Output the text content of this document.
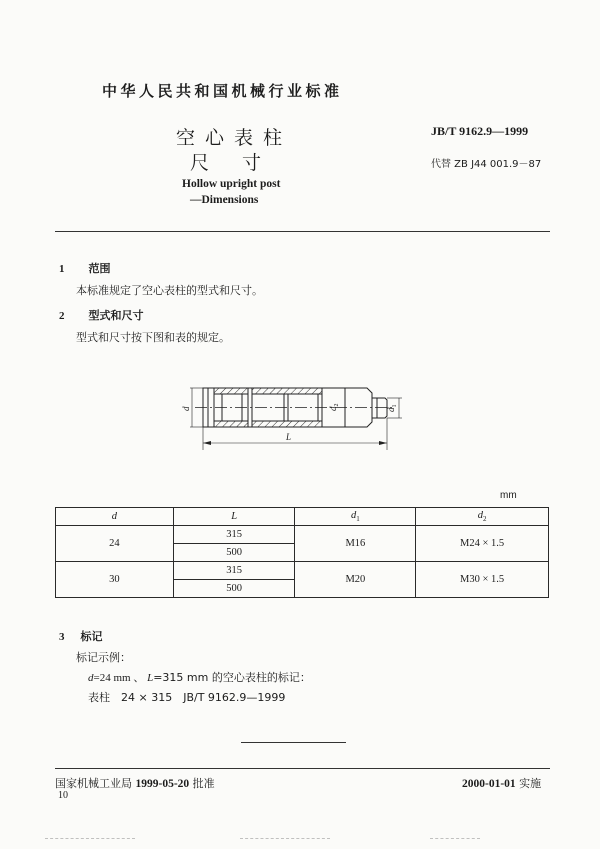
中华人民共和国机械行业标准
空心表柱
尺寸
Hollow upright post
—Dimensions
JB/T 9162.9—1999
代替 ZB J44 001.9－87
1 范围
本标准规定了空心表柱的型式和尺寸。
2 型式和尺寸
型式和尺寸按下图和表的规定。
d	$d_2$
$d_1$
L
mm
d	L	$d_1$	$d_2$
24	315	M16	M24 × 1.5
	500		
30	315	M20	M30 × 1.5
	500		
3 标记
标记示例：
d=24 mm 、 L=315 mm 的空心表柱的标记：
表柱　24 × 315　JB/T 9162.9—1999
国家机械工业局 1999-05-20 批准	2000-01-01 实施
10
